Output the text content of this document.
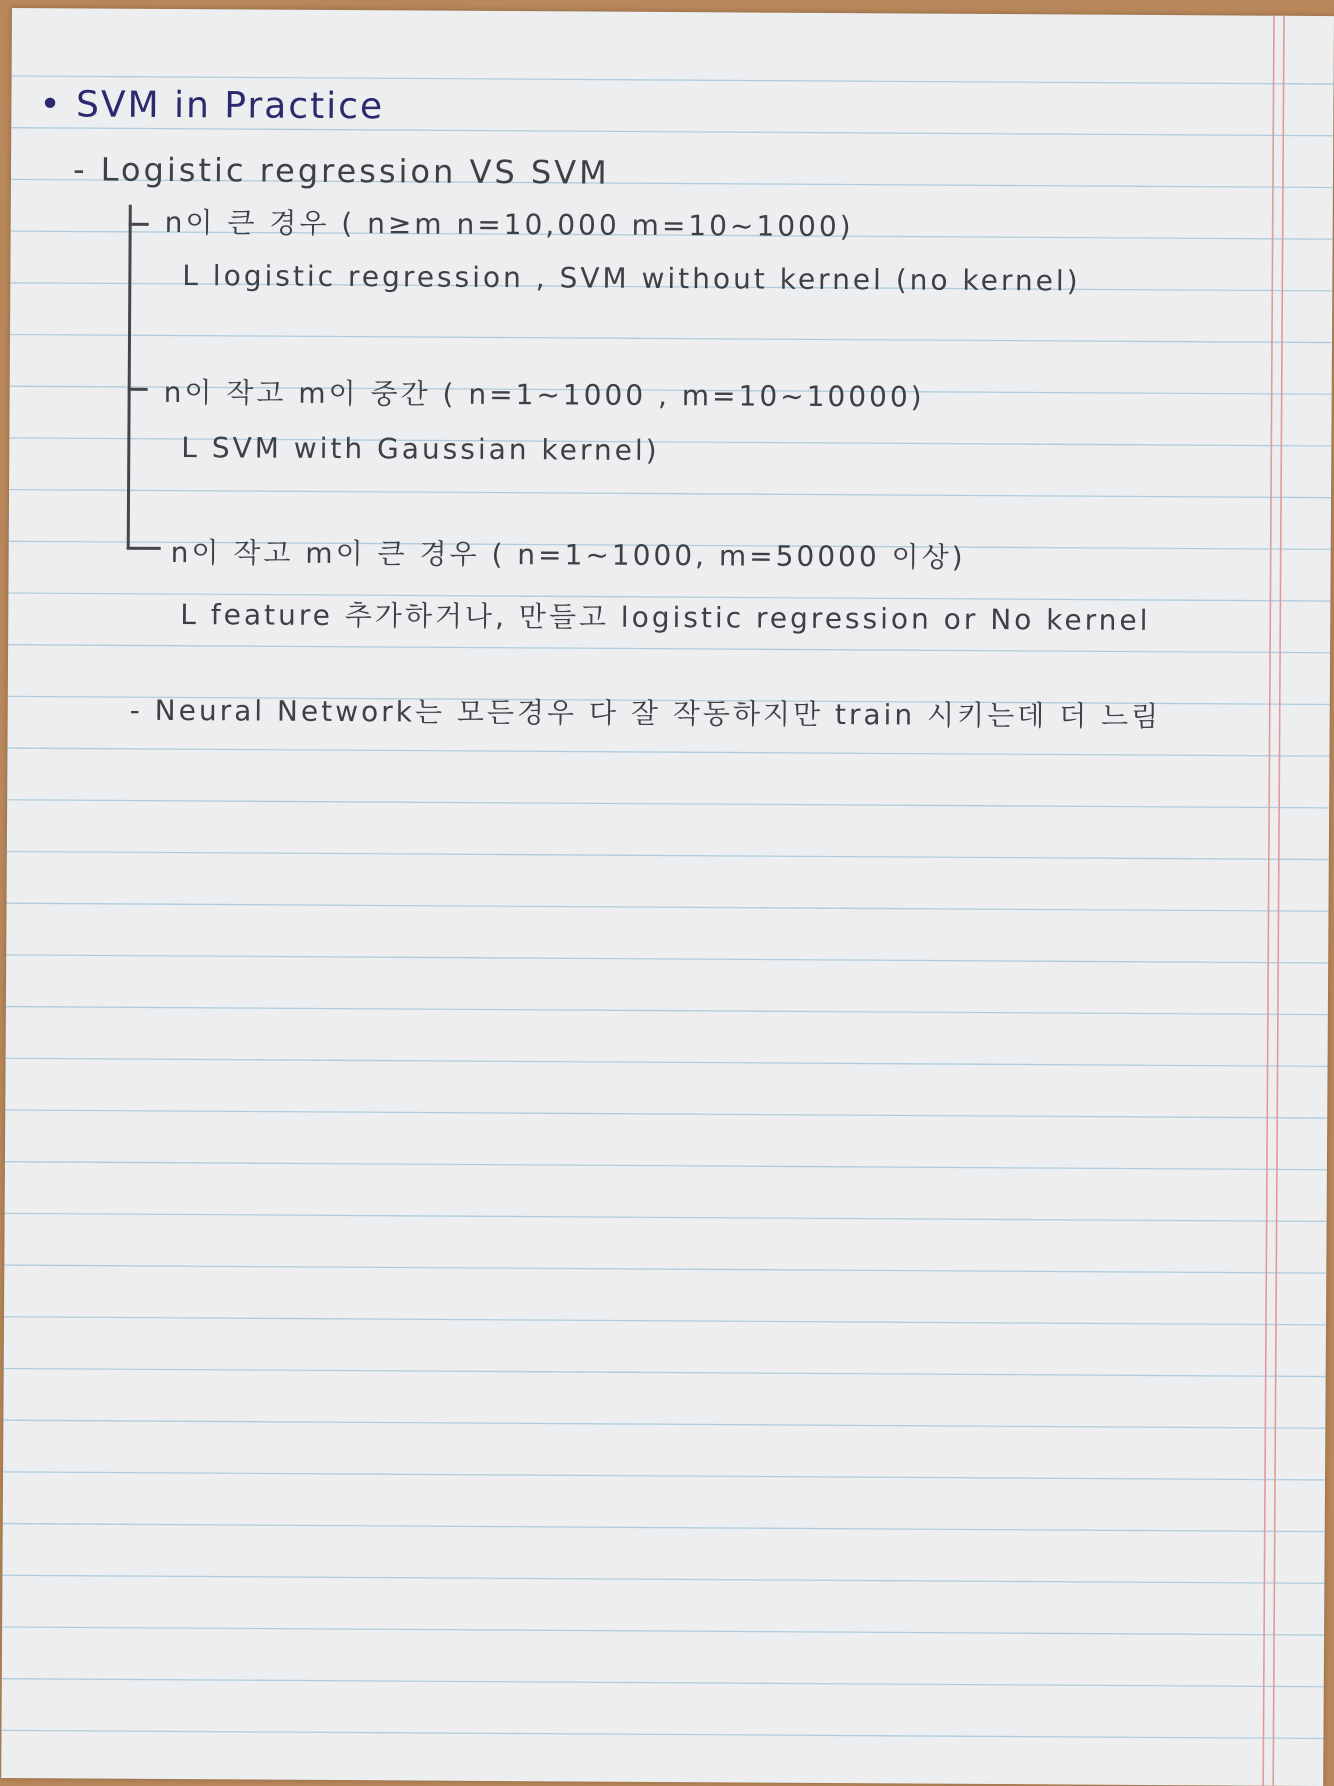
• SVM in Practice
- Logistic regression VS SVM
n이 큰 경우 ( n≥m n=10,000 m=10~1000)
L logistic regression , SVM without kernel (no kernel)
n이 작고 m이 중간 ( n=1~1000 , m=10~10000)
L SVM with Gaussian kernel)
n이 작고 m이 큰 경우 ( n=1~1000, m=50000 이상)
L feature 추가하거나, 만들고 logistic regression or No kernel
- Neural Network는 모든경우 다 잘 작동하지만 train 시키는데 더 느림
